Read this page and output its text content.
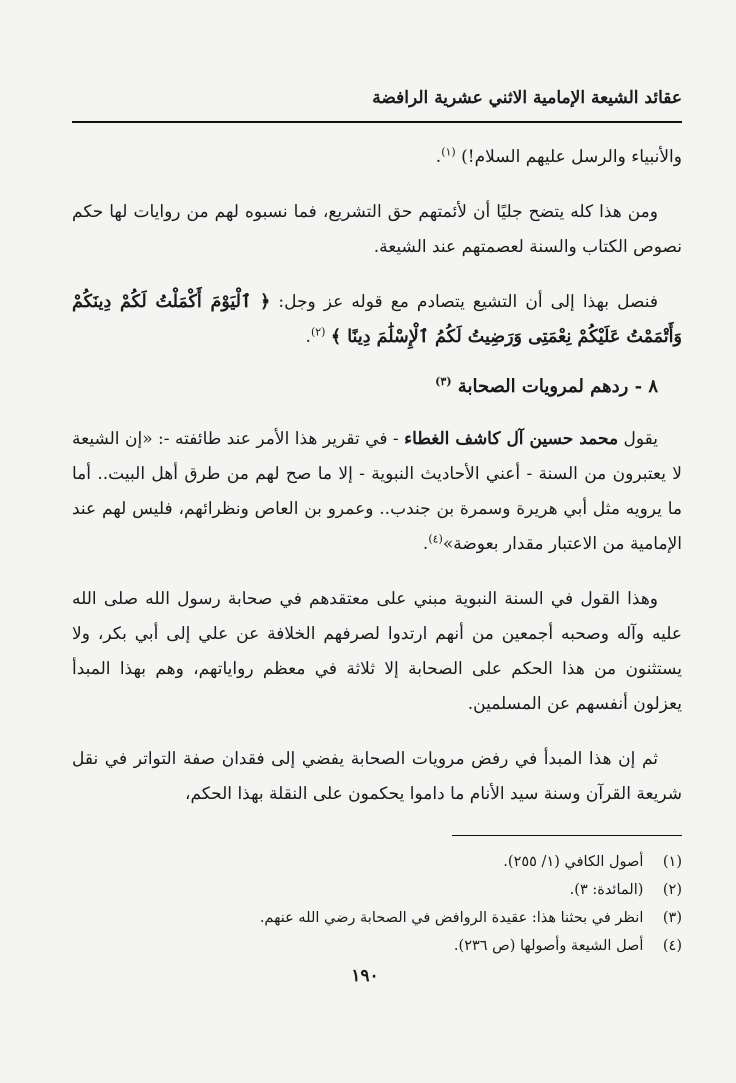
عقائد الشيعة الإمامية الاثني عشرية الرافضة

والأنبياء والرسل عليهم السلام!) $^{(١)}$.

ومن هذا كله يتضح جليًا أن لأئمتهم حق التشريع، فما نسبوه لهم من روايات لها حكم نصوص الكتاب والسنة لعصمتهم عند الشيعة.

فنصل بهذا إلى أن التشيع يتصادم مع قوله عز وجل: ﴿ ٱلْيَوْمَ أَكْمَلْتُ لَكُمْ دِينَكُمْ وَأَتْمَمْتُ عَلَيْكُمْ نِعْمَتِى وَرَضِيتُ لَكُمُ ٱلْإِسْلَٰمَ دِينًا ﴾ $^{(٢)}$.

٨ - ردهم لمرويات الصحابة $^{(٣)}$

يقول محمد حسين آل كاشف الغطاء - في تقرير هذا الأمر عند طائفته -: «إن الشيعة لا يعتبرون من السنة - أعني الأحاديث النبوية - إلا ما صح لهم من طرق أهل البيت.. أما ما يرويه مثل أبي هريرة وسمرة بن جندب.. وعمرو بن العاص ونظرائهم، فليس لهم عند الإمامية من الاعتبار مقدار بعوضة»$^{(٤)}$.

وهذا القول في السنة النبوية مبني على معتقدهم في صحابة رسول الله صلى الله عليه وآله وصحبه أجمعين من أنهم ارتدوا لصرفهم الخلافة عن علي إلى أبي بكر، ولا يستثنون من هذا الحكم على الصحابة إلا ثلاثة في معظم رواياتهم، وهم بهذا المبدأ يعزلون أنفسهم عن المسلمين.

ثم إن هذا المبدأ في رفض مرويات الصحابة يفضي إلى فقدان صفة التواتر في نقل شريعة القرآن وسنة سيد الأنام ما داموا يحكمون على النقلة بهذا الحكم،

(١) أصول الكافي (١/ ٢٥٥).
(٢) (المائدة: ٣).
(٣) انظر في بحثنا هذا: عقيدة الروافض في الصحابة رضي الله عنهم.
(٤) أصل الشيعة وأصولها (ص ٢٣٦).
١٩٠
